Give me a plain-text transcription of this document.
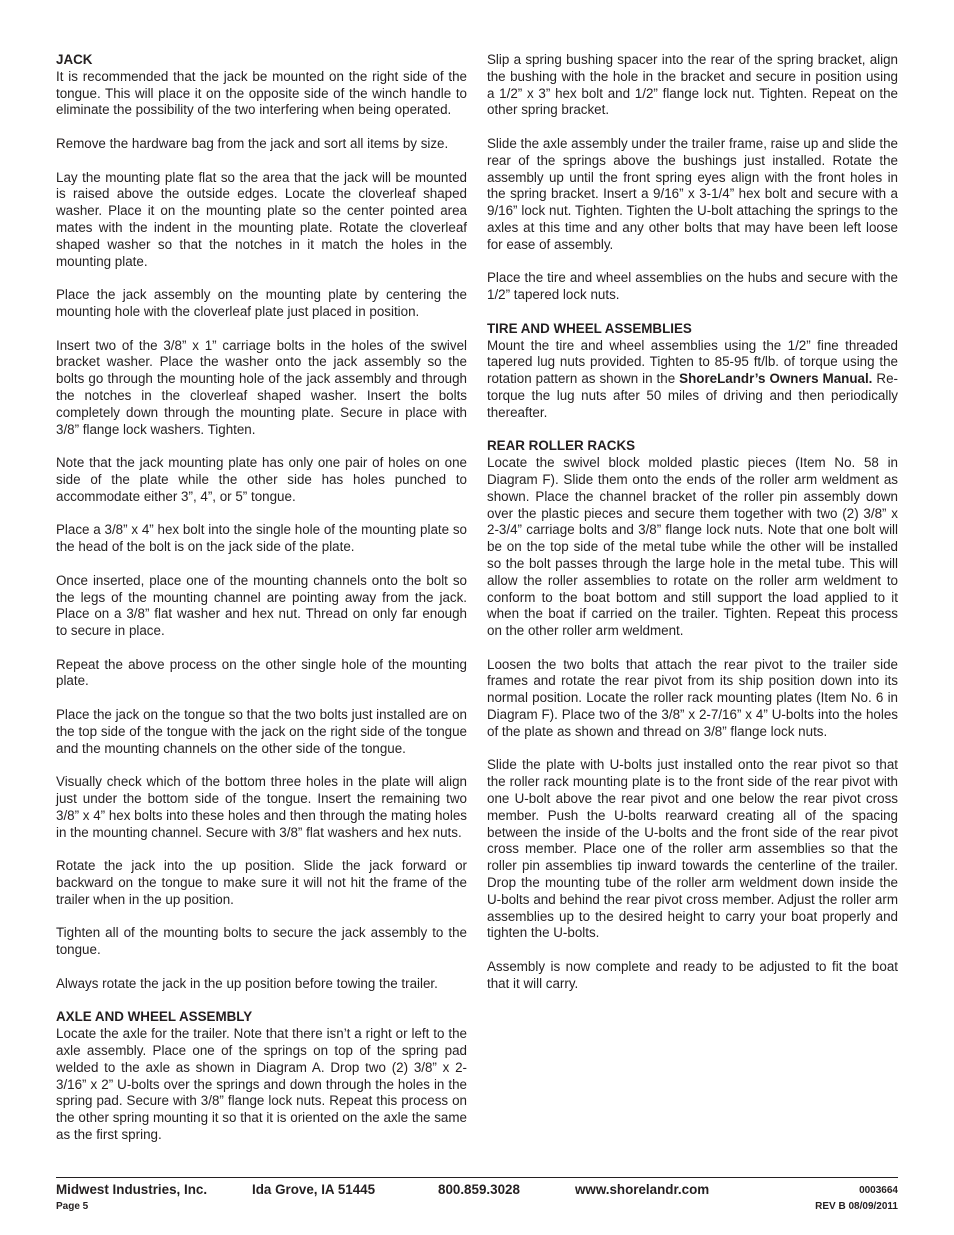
JACK

It is recommended that the jack be mounted on the right side of the tongue. This will place it on the opposite side of the winch handle to eliminate the possibility of the two interfering when being operated.

Remove the hardware bag from the jack and sort all items by size.

Lay the mounting plate flat so the area that the jack will be mounted is raised above the outside edges. Locate the cloverleaf shaped washer. Place it on the mounting plate so the center pointed area mates with the indent in the mounting plate. Rotate the cloverleaf shaped washer so that the notches in it match the holes in the mounting plate.

Place the jack assembly on the mounting plate by centering the mounting hole with the cloverleaf plate just placed in position.

Insert two of the 3/8” x 1” carriage bolts in the holes of the swivel bracket washer. Place the washer onto the jack assembly so the bolts go through the mounting hole of the jack assembly and through the notches in the cloverleaf shaped washer. Insert the bolts completely down through the mounting plate. Secure in place with 3/8” flange lock washers. Tighten.

Note that the jack mounting plate has only one pair of holes on one side of the plate while the other side has holes punched to accommodate either 3”, 4”, or 5” tongue.

Place a 3/8” x 4” hex bolt into the single hole of the mounting plate so the head of the bolt is on the jack side of the plate.

Once inserted, place one of the mounting channels onto the bolt so the legs of the mounting channel are pointing away from the jack. Place on a 3/8” flat washer and hex nut. Thread on only far enough to secure in place.

Repeat the above process on the other single hole of the mounting plate.

Place the jack on the tongue so that the two bolts just installed are on the top side of the tongue with the jack on the right side of the tongue and the mounting channels on the other side of the tongue.

Visually check which of the bottom three holes in the plate will align just under the bottom side of the tongue. Insert the remaining two 3/8” x 4” hex bolts into these holes and then through the mating holes in the mounting channel. Secure with 3/8” flat washers and hex nuts.

Rotate the jack into the up position. Slide the jack forward or backward on the tongue to make sure it will not hit the frame of the trailer when in the up position.

Tighten all of the mounting bolts to secure the jack assembly to the tongue.

Always rotate the jack in the up position before towing the trailer.

AXLE AND WHEEL ASSEMBLY

Locate the axle for the trailer. Note that there isn’t a right or left to the axle assembly. Place one of the springs on top of the spring pad welded to the axle as shown in Diagram A. Drop two (2) 3/8” x 2-3/16” x 2” U-bolts over the springs and down through the holes in the spring pad. Secure with 3/8” flange lock nuts. Repeat this process on the other spring mounting it so that it is oriented on the axle the same as the first spring.

Slip a spring bushing spacer into the rear of the spring bracket, align the bushing with the hole in the bracket and secure in position using a 1/2” x 3” hex bolt and 1/2” flange lock nut. Tighten. Repeat on the other spring bracket.

Slide the axle assembly under the trailer frame, raise up and slide the rear of the springs above the bushings just installed. Rotate the assembly up until the front spring eyes align with the front holes in the spring bracket. Insert a 9/16” x 3-1/4” hex bolt and secure with a 9/16” lock nut. Tighten. Tighten the U-bolt attaching the springs to the axles at this time and any other bolts that may have been left loose for ease of assembly.

Place the tire and wheel assemblies on the hubs and secure with the 1/2” tapered lock nuts.

TIRE AND WHEEL ASSEMBLIES

Mount the tire and wheel assemblies using the 1/2” fine threaded tapered lug nuts provided. Tighten to 85-95 ft/lb. of torque using the rotation pattern as shown in the ShoreLandr’s Owners Manual. Re-torque the lug nuts after 50 miles of driving and then periodically thereafter.

REAR ROLLER RACKS

Locate the swivel block molded plastic pieces (Item No. 58 in Diagram F). Slide them onto the ends of the roller arm weldment as shown. Place the channel bracket of the roller pin assembly down over the plastic pieces and secure them together with two (2) 3/8” x 2-3/4” carriage bolts and 3/8” flange lock nuts. Note that one bolt will be on the top side of the metal tube while the other will be installed so the bolt passes through the large hole in the metal tube. This will allow the roller assemblies to rotate on the roller arm weldment to conform to the boat bottom and still support the load applied to it when the boat if carried on the trailer. Tighten. Repeat this process on the other roller arm weldment.

Loosen the two bolts that attach the rear pivot to the trailer side frames and rotate the rear pivot from its ship position down into its normal position. Locate the roller rack mounting plates (Item No. 6 in Diagram F). Place two of the 3/8” x 2-7/16” x 4” U-bolts into the holes of the plate as shown and thread on 3/8” flange lock nuts.

Slide the plate with U-bolts just installed onto the rear pivot so that the roller rack mounting plate is to the front side of the rear pivot with one U-bolt above the rear pivot and one below the rear pivot cross member. Push the U-bolts rearward creating all of the spacing between the inside of the U-bolts and the front side of the rear pivot cross member. Place one of the roller arm assemblies so that the roller pin assemblies tip inward towards the centerline of the trailer. Drop the mounting tube of the roller arm weldment down inside the U-bolts and behind the rear pivot cross member. Adjust the roller arm assemblies up to the desired height to carry your boat properly and tighten the U-bolts.

Assembly is now complete and ready to be adjusted to fit the boat that it will carry.

Midwest Industries, Inc.	Ida Grove, IA 51445	800.859.3028	www.shorelandr.com	0003664
Page 5	REV B 08/09/2011
